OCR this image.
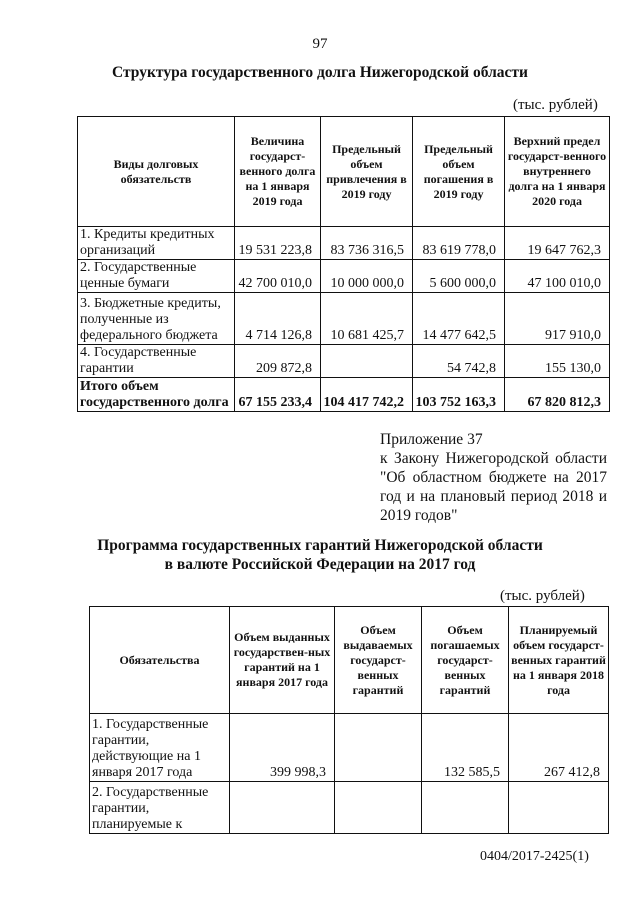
97
Структура государственного долга Нижегородской области
(тыс. рублей)
Виды долговых обязательств	Величина государст-венного долга на 1 января 2019 года	Предельный объем привлечения в 2019 году	Предельный объем погашения в 2019 году	Верхний предел государст-венного внутреннего долга на 1 января 2020 года
1. Кредиты кредитных организаций	19 531 223,8	83 736 316,5	83 619 778,0	19 647 762,3
2. Государственные ценные бумаги	42 700 010,0	10 000 000,0	5 600 000,0	47 100 010,0
3. Бюджетные кредиты, полученные из федерального бюджета	4 714 126,8	10 681 425,7	14 477 642,5	917 910,0
4. Государственные гарантии	209 872,8		54 742,8	155 130,0
Итого объем государственного долга	67 155 233,4	104 417 742,2	103 752 163,3	67 820 812,3
Приложение 37
к Закону Нижегородской области "Об областном бюджете на 2017 год и на плановый период 2018 и 2019 годов"
Программа государственных гарантий Нижегородской области
в валюте Российской Федерации на 2017 год
(тыс. рублей)
Обязательства	Объем выданных государствен-ных гарантий на 1 января 2017 года	Объем выдаваемых государст-венных гарантий	Объем погашаемых государст-венных гарантий	Планируемый объем государст-венных гарантий на 1 января 2018 года
1. Государственные гарантии, действующие на 1 января 2017 года	399 998,3		132 585,5	267 412,8
2. Государственные гарантии, планируемые к				
0404/2017-2425(1)
